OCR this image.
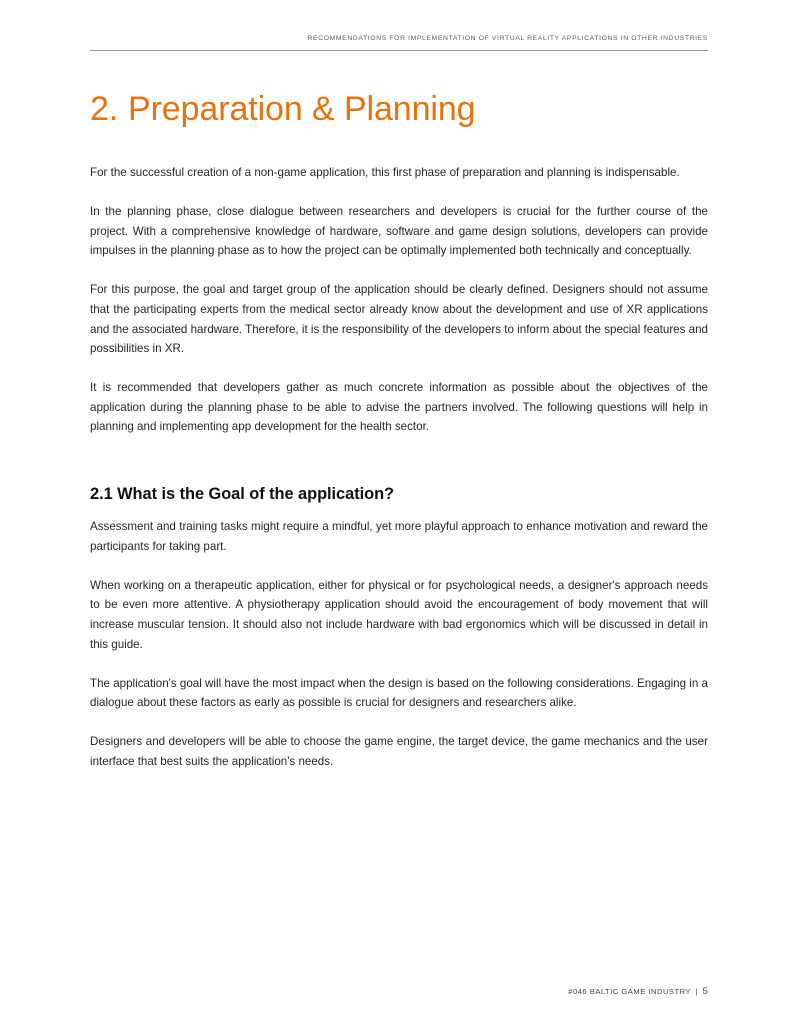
RECOMMENDATIONS FOR IMPLEMENTATION OF VIRTUAL REALITY APPLICATIONS IN OTHER INDUSTRIES
2. Preparation & Planning

For the successful creation of a non-game application, this first phase of preparation and planning is indispensable.

In the planning phase, close dialogue between researchers and developers is crucial for the further course of the project. With a comprehensive knowledge of hardware, software and game design solutions, developers can provide impulses in the planning phase as to how the project can be optimally implemented both technically and conceptually.

For this purpose, the goal and target group of the application should be clearly defined. Designers should not assume that the participating experts from the medical sector already know about the development and use of XR applications and the associated hardware. Therefore, it is the responsibility of the developers to inform about the special features and possibilities in XR.

It is recommended that developers gather as much concrete information as possible about the objectives of the application during the planning phase to be able to advise the partners involved. The following questions will help in planning and implementing app development for the health sector.

2.1 What is the Goal of the application?

Assessment and training tasks might require a mindful, yet more playful approach to enhance motivation and reward the participants for taking part.

When working on a therapeutic application, either for physical or for psychological needs, a designer's approach needs to be even more attentive. A physiotherapy application should avoid the encouragement of body movement that will increase muscular tension. It should also not include hardware with bad ergonomics which will be discussed in detail in this guide.

The application's goal will have the most impact when the design is based on the following considerations. Engaging in a dialogue about these factors as early as possible is crucial for designers and researchers alike.

Designers and developers will be able to choose the game engine, the target device, the game mechanics and the user interface that best suits the application's needs.

#046 BALTIC GAME INDUSTRY | 5
